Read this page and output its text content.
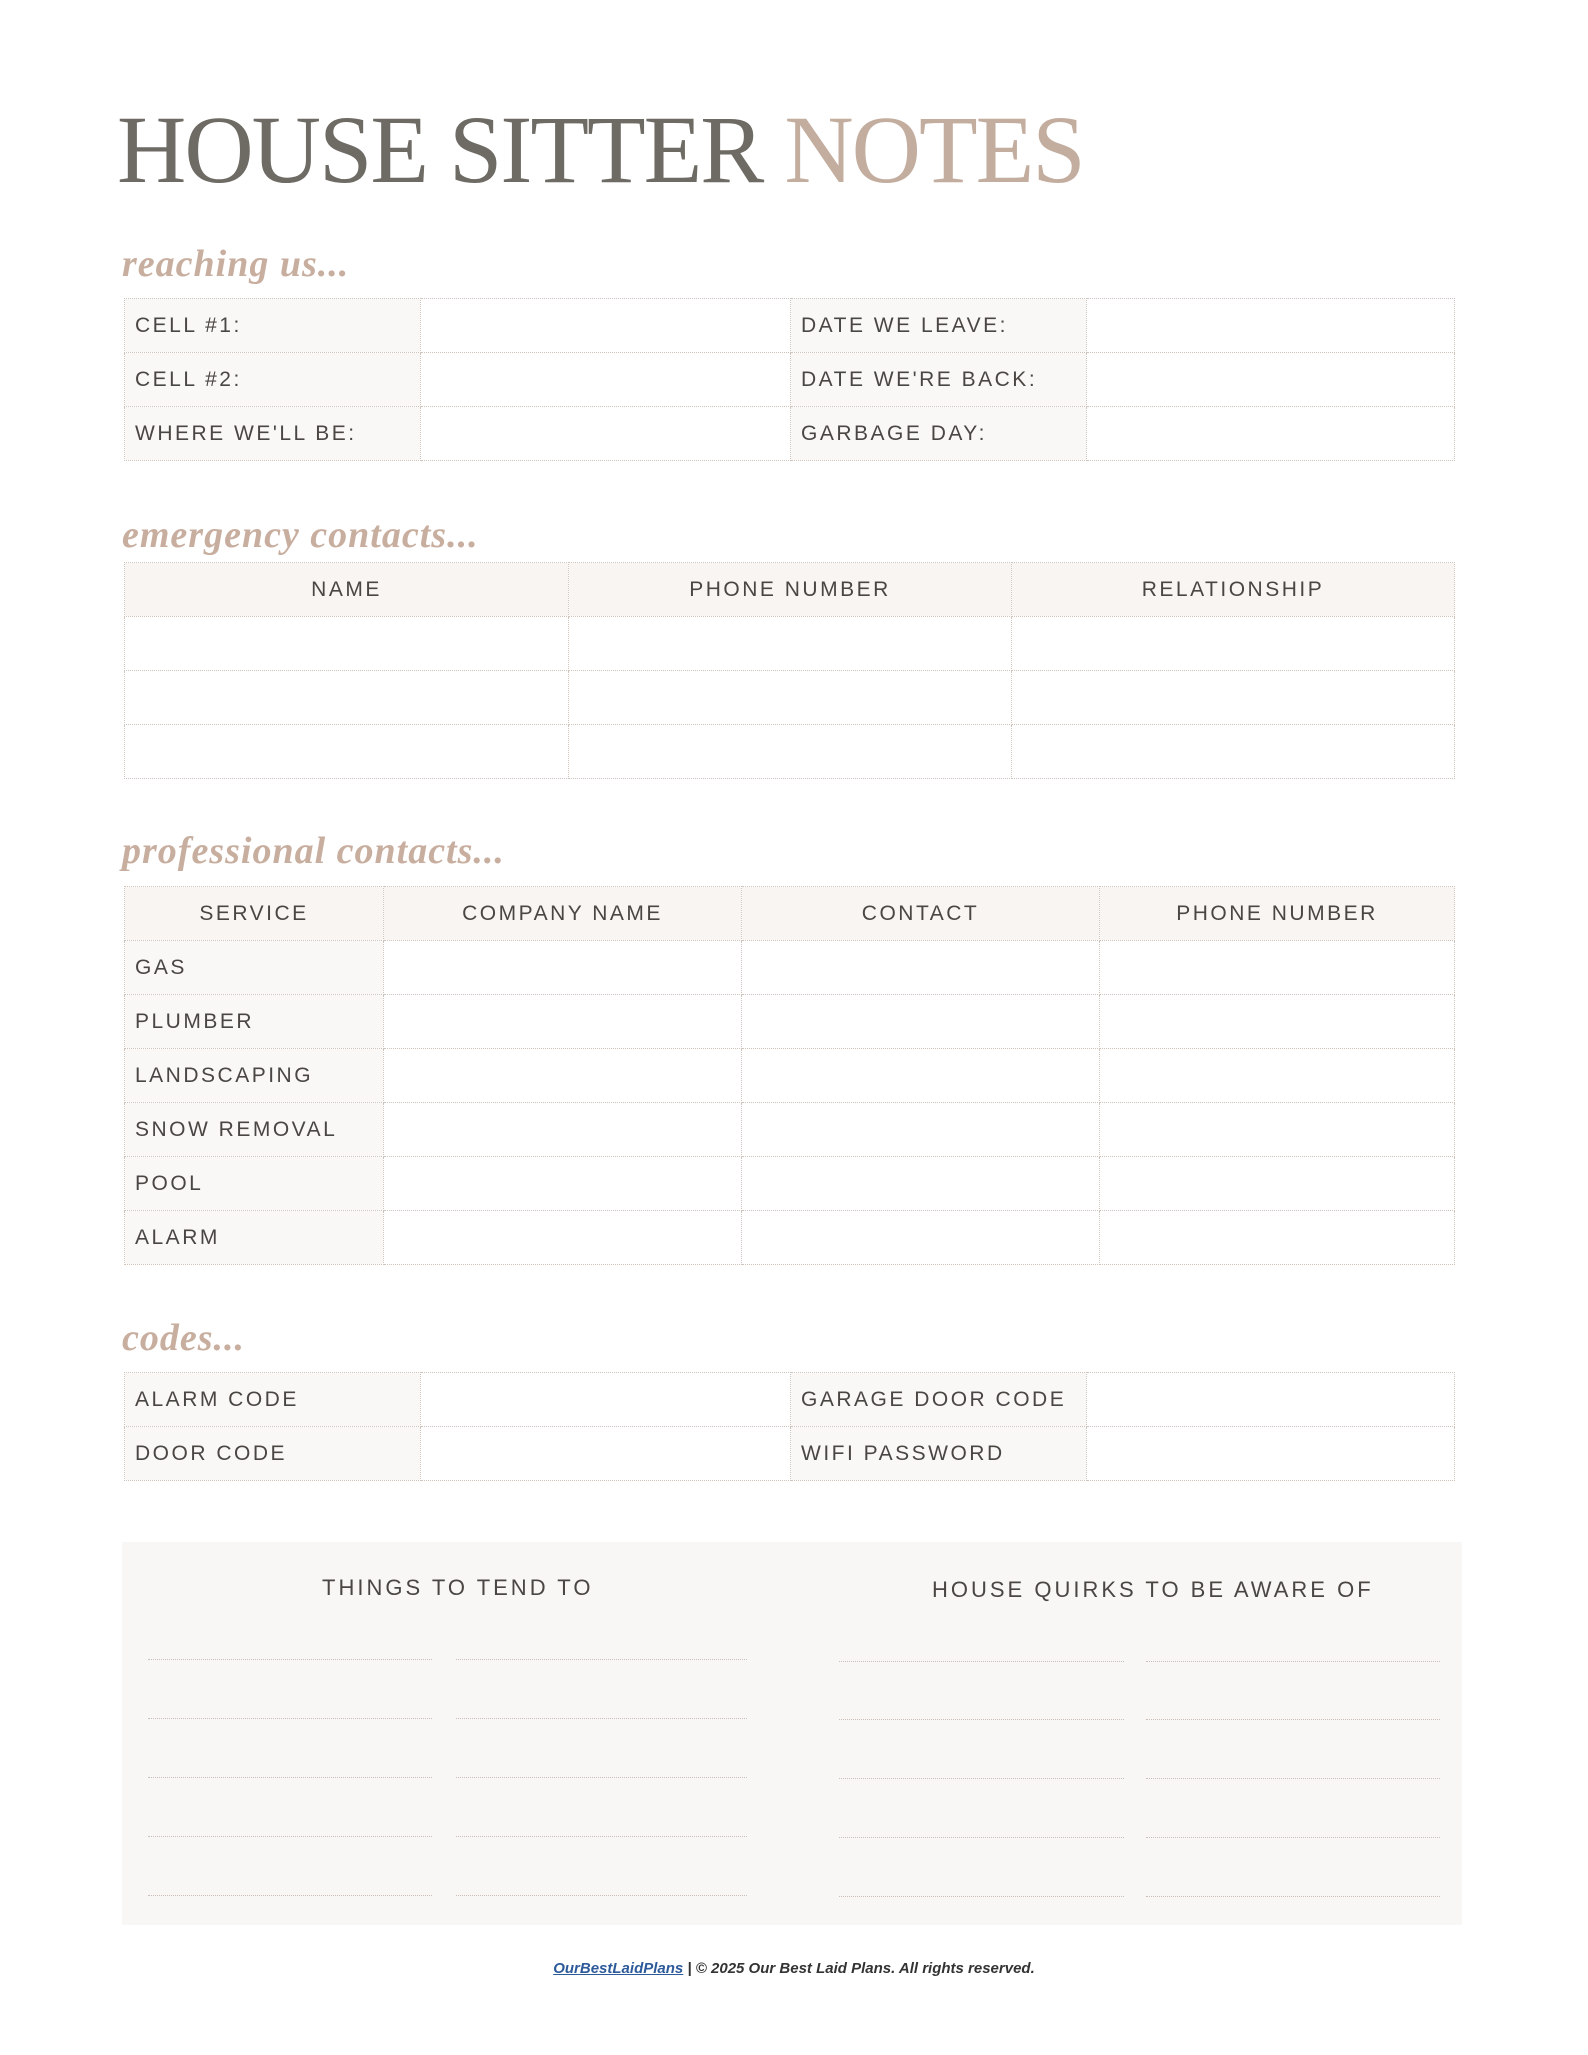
HOUSE SITTER NOTES
reaching us...
CELL #1:		DATE WE LEAVE:	
CELL #2:		DATE WE'RE BACK:	
WHERE WE'LL BE:		GARBAGE DAY:	
emergency contacts...
NAME	PHONE NUMBER	RELATIONSHIP

professional contacts...
SERVICE	COMPANY NAME	CONTACT	PHONE NUMBER
GAS			
PLUMBER			
LANDSCAPING			
SNOW REMOVAL			
POOL			
ALARM			
codes...
ALARM CODE		GARAGE DOOR CODE	
DOOR CODE		WIFI PASSWORD	
THINGS TO TEND TO	HOUSE QUIRKS TO BE AWARE OF
OurBestLaidPlans | © 2025 Our Best Laid Plans. All rights reserved.
